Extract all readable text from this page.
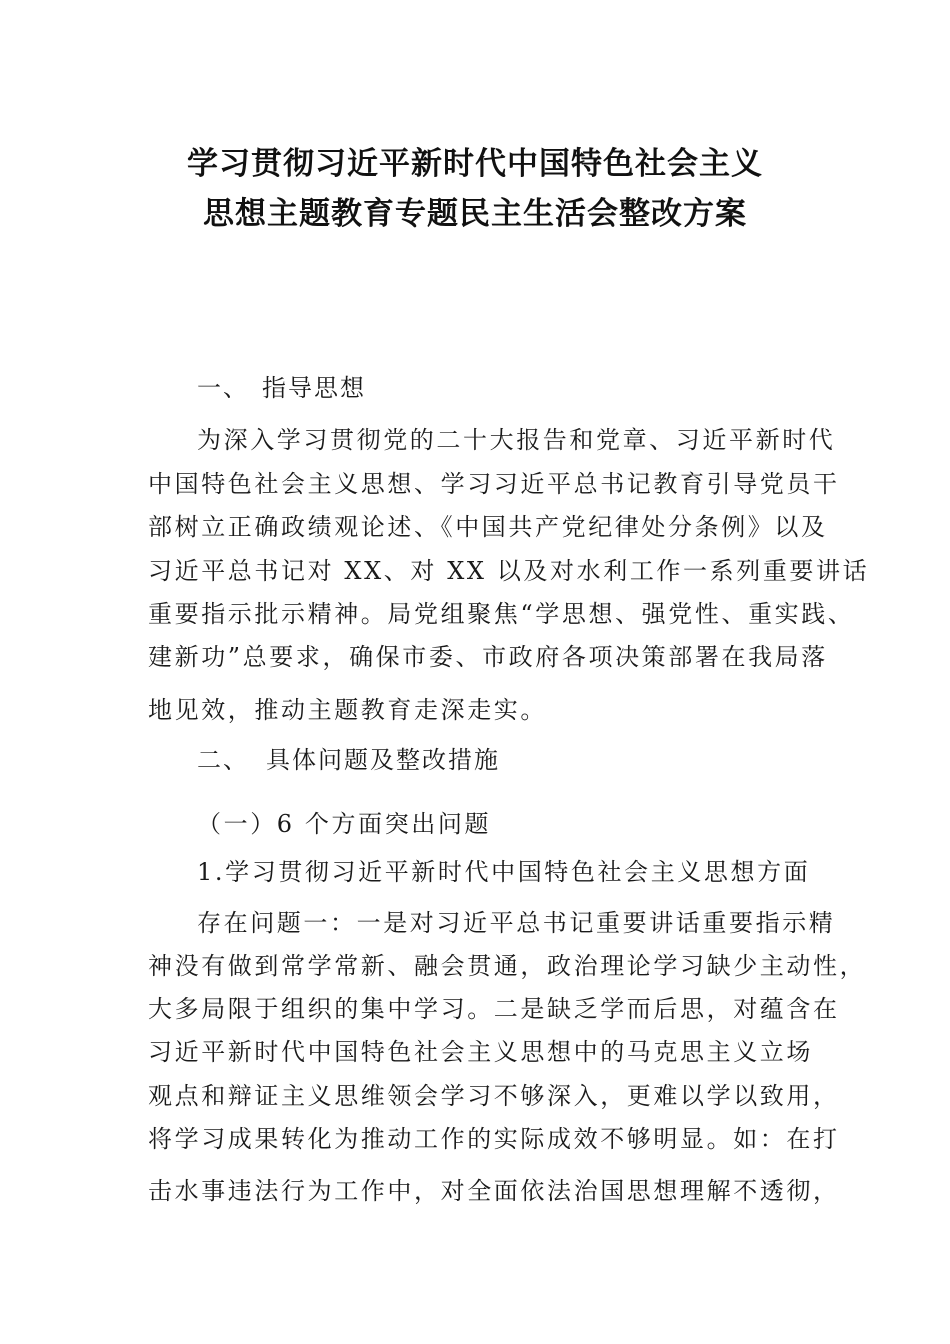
学习贯彻习近平新时代中国特色社会主义
思想主题教育专题民主生活会整改方案
一、 指导思想
为深入学习贯彻党的二十大报告和党章、习近平新时代
中国特色社会主义思想、学习习近平总书记教育引导党员干
部树立正确政绩观论述、《中国共产党纪律处分条例》以及
习近平总书记对 XX、对 XX 以及对水利工作一系列重要讲话
重要指示批示精神。局党组聚焦“学思想、强党性、重实践、
建新功”总要求，确保市委、市政府各项决策部署在我局落
地见效，推动主题教育走深走实。
二、 具体问题及整改措施
（一）6 个方面突出问题
1.学习贯彻习近平新时代中国特色社会主义思想方面
存在问题一：一是对习近平总书记重要讲话重要指示精
神没有做到常学常新、融会贯通，政治理论学习缺少主动性，
大多局限于组织的集中学习。二是缺乏学而后思，对蕴含在
习近平新时代中国特色社会主义思想中的马克思主义立场
观点和辩证主义思维领会学习不够深入，更难以学以致用，
将学习成果转化为推动工作的实际成效不够明显。如：在打
击水事违法行为工作中，对全面依法治国思想理解不透彻，
